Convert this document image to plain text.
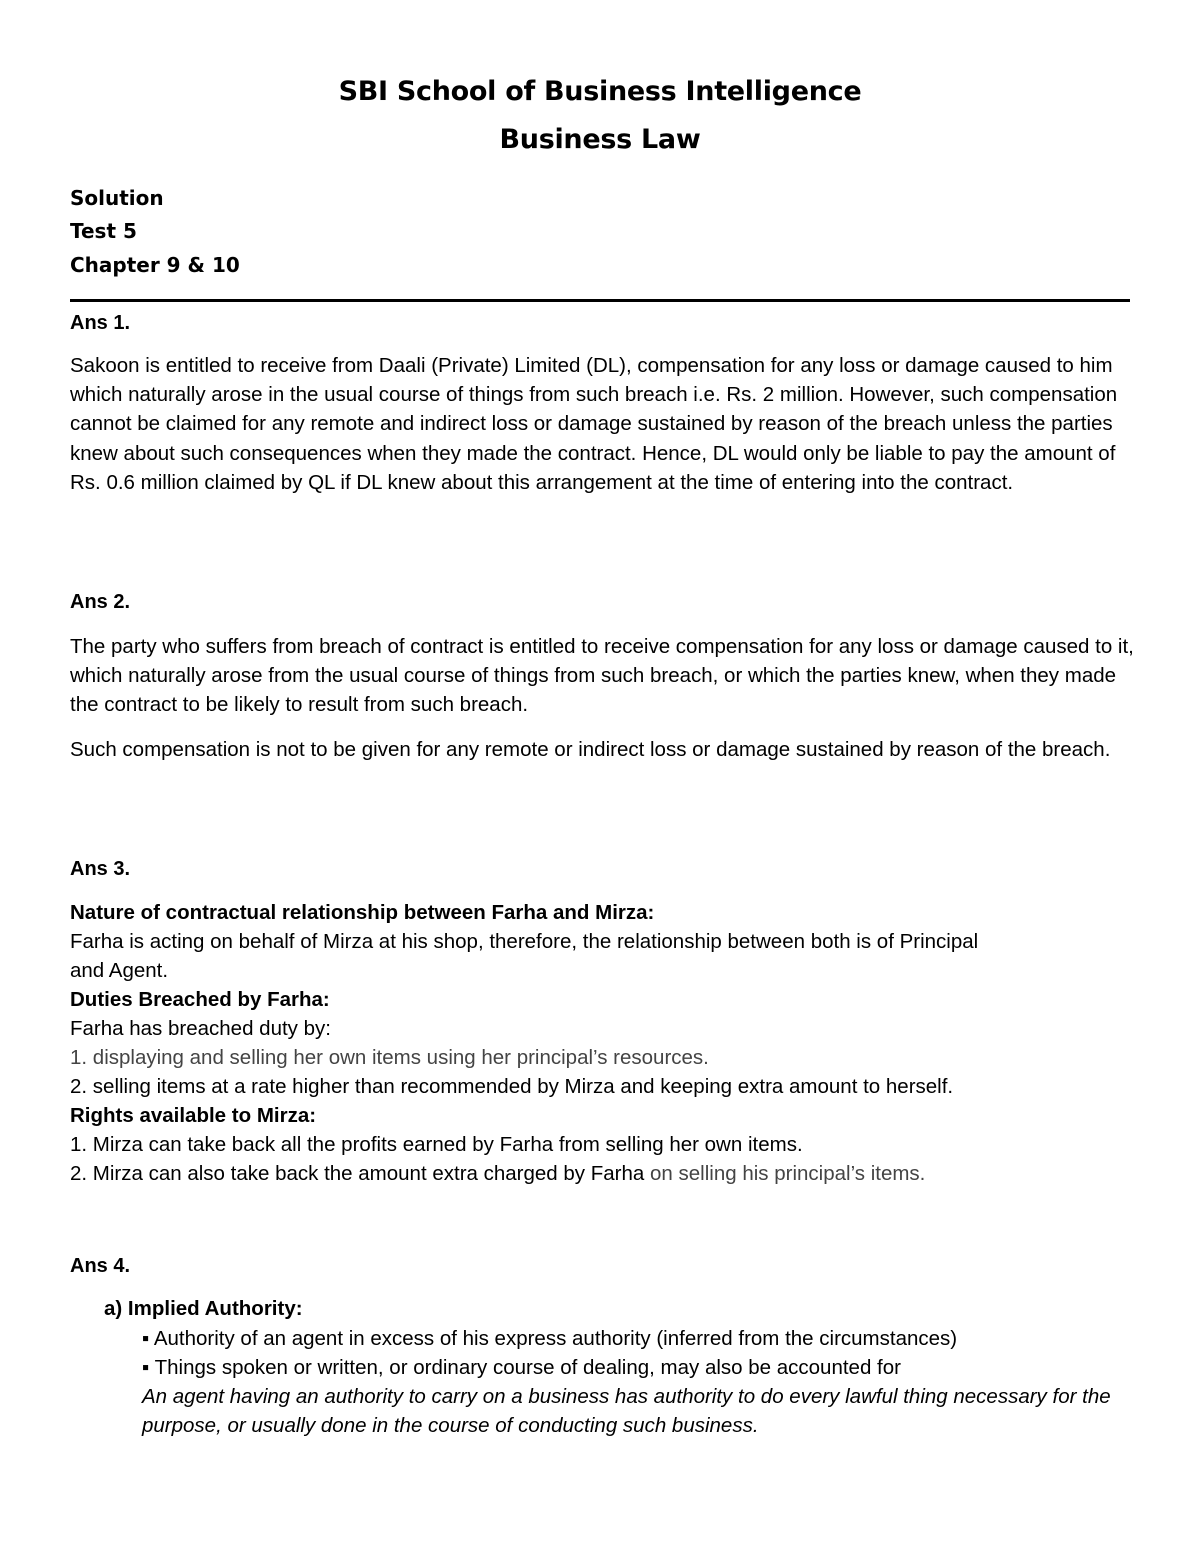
SBI School of Business Intelligence
Business Law
Solution
Test 5
Chapter 9 & 10
Ans 1.
Sakoon is entitled to receive from Daali (Private) Limited (DL), compensation for any loss or damage caused to him which naturally arose in the usual course of things from such breach i.e. Rs. 2 million. However, such compensation cannot be claimed for any remote and indirect loss or damage sustained by reason of the breach unless the parties knew about such consequences when they made the contract. Hence, DL would only be liable to pay the amount of Rs. 0.6 million claimed by QL if DL knew about this arrangement at the time of entering into the contract.
Ans 2.
The party who suffers from breach of contract is entitled to receive compensation for any loss or damage caused to it, which naturally arose from the usual course of things from such breach, or which the parties knew, when they made the contract to be likely to result from such breach.
Such compensation is not to be given for any remote or indirect loss or damage sustained by reason of the breach.
Ans 3.
Nature of contractual relationship between Farha and Mirza:
Farha is acting on behalf of Mirza at his shop, therefore, the relationship between both is of Principal
and Agent.
Duties Breached by Farha:
Farha has breached duty by:
1. displaying and selling her own items using her principal’s resources.
2. selling items at a rate higher than recommended by Mirza and keeping extra amount to herself.
Rights available to Mirza:
1. Mirza can take back all the profits earned by Farha from selling her own items.
2. Mirza can also take back the amount extra charged by Farha on selling his principal’s items.
Ans 4.
a) Implied Authority:
▪ Authority of an agent in excess of his express authority (inferred from the circumstances)
▪ Things spoken or written, or ordinary course of dealing, may also be accounted for
An agent having an authority to carry on a business has authority to do every lawful thing necessary for the purpose, or usually done in the course of conducting such business.
